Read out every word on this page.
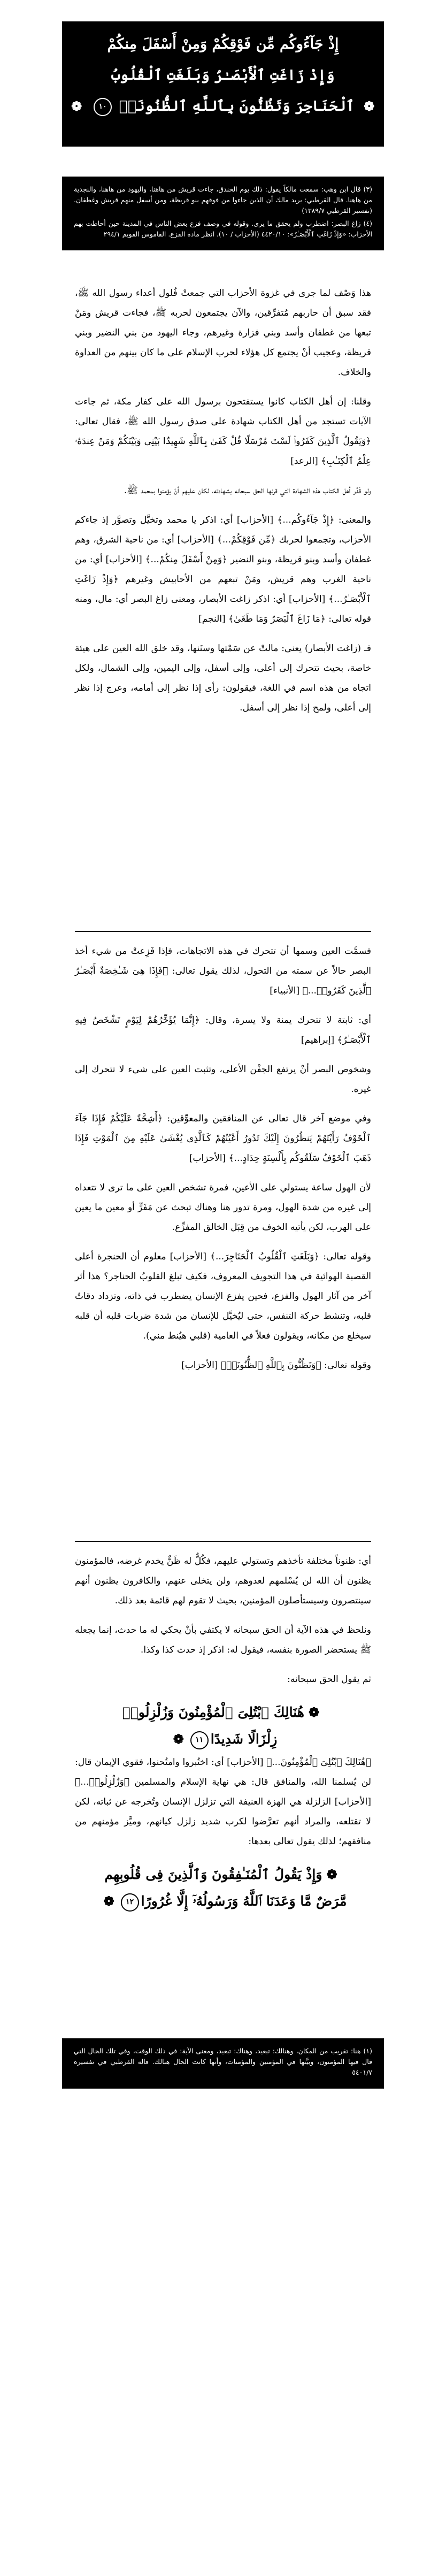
إِذْ جَآءُوكُم مِّن فَوْقِكُمْ وَمِنْ أَسْفَلَ مِنكُمْ
وَإِذْ زَاغَتِ ٱلْأَبْصَـٰرُ وَبَلَغَتِ ٱلْقُلُوبُ
❁ ٱلْحَنَاجِرَ وَتَظُنُّونَ بِٱللَّهِ ٱلظُّنُونَا۠ ١٠ ❁

(٣) قال ابن وهب: سمعت مالكاً يقول: ذلك يوم الخندق، جاءت قريش من هاهنا، واليهود من هاهنا، والنجدية من هاهنا. قال القرطبي: يريد مالك أن الذين جاءوا من فوقهم بنو قريظة، ومن أسفل منهم قريش وغطفان. (تفسير القرطبي ١٣٨٩/٧)

(٤) زاغ البصر: اضطرب ولم يحقق ما يرى. وقوله في وصف فزع بعض الناس في المدينة حين أحاطت بهم الأحزاب: «وَإِذْ زَاغَتِ ٱلْأَبْصَـٰرُ»: ٤٤٢٠/١٠ (الأحزاب / ١٠). انظر مادة الفزع. القاموس القويم ٢٩٤/١

هذا وَصْف لما جرى في غزوة الأحزاب التي جمعتْ فُلول أعداء رسول الله ﷺ، فقد سبق أن حاربهم مُتفرِّقين، والآن يجتمعون لحربه ﷺ، فجاءت قريش ومَنْ تبعها من غطفان وأسد وبني فزارة وغيرهم، وجاء اليهود من بني النضير وبني قريظة، وعجيب أنْ يجتمع كل هؤلاء لحرب الإسلام على ما كان بينهم من العداوة والخلاف.

وقلنا: إن أهل الكتاب كانوا يستفتحون برسول الله على كفار مكة، ثم جاءت الآيات تستجد من أهل الكتاب شهادة على صدق رسول الله ﷺ، فقال تعالى: ﴿وَيَقُولُ ٱلَّذِينَ كَفَرُوا۟ لَسْتَ مُرْسَلًا قُلْ كَفَىٰ بِٱللَّهِ شَهِيدًۢا بَيْنِى وَبَيْنَكُمْ وَمَنْ عِندَهُۥ عِلْمُ ٱلْكِتَـٰبِ﴾ [الرعد]

ولو قَدَّر أهل الكتاب هذه الشهادة التي قرنها الحق سبحانه بشهادته، لكان عليهم أنْ يؤمنوا بمحمد ﷺ.

والمعنى: ﴿إِذْ جَآءُوكُم...﴾ [الأحزاب] أي: اذكر يا محمد وتخيَّل وتصوَّر إذ جاءكم الأحزاب، وتجمعوا لحربك ﴿مِّن فَوْقِكُمْ...﴾ [الأحزاب] أي: من ناحية الشرق، وهم غطفان وأسد وبنو قريظة، وبنو النضير ﴿وَمِنْ أَسْفَلَ مِنكُمْ...﴾ [الأحزاب] أي: من ناحية الغرب وهم قريش، ومَنْ تبعهم من الأحابيش وغيرهم ﴿وَإِذْ زَاغَتِ ٱلْأَبْصَـٰرُ...﴾ [الأحزاب] أي: اذكر زاغت الأبصار، ومعنى زاغ البصر أي: مال، ومنه قوله تعالى: ﴿مَا زَاغَ ٱلْبَصَرُ وَمَا طَغَىٰ﴾ [النجم]

فـ (زاغت الأبصار) يعني: مالتْ عن سَمْتها وسنَنها، وقد خلق الله العين على هيئة خاصة، بحيث تتحرك إلى أعلى، وإلى أسفل، وإلى اليمين، وإلى الشمال، ولكل اتجاه من هذه اسم في اللغة، فيقولون: رأى إذا نظر إلى أمامه، وعرج إذا نظر إلى أعلى، ولمح إذا نظر إلى أسفل.

فسمَّت العين وسمها أن تتحرك في هذه الاتجاهات، فإذا فَزِعتْ من شيء أخذ البصر حالاً عن سمته من التحول، لذلك يقول تعالى: ﴿فَإِذَا هِىَ شَـٰخِصَةٌ أَبْصَـٰرُ ٱلَّذِينَ كَفَرُوا۟...﴾ [الأنبياء]

أي: ثابتة لا تتحرك يمنة ولا يسرة، وقال: ﴿إِنَّمَا يُؤَخِّرُهُمْ لِيَوْمٍ تَشْخَصُ فِيهِ ٱلْأَبْصَـٰرُ﴾ [إبراهيم]

وشخوص البصر أنْ يرتفع الجفْن الأعلى، وتثبت العين على شيء لا تتحرك إلى غيره.

وفي موضع آخر قال تعالى عن المنافقين والمعوِّقين: ﴿أَشِحَّةً عَلَيْكُمْ فَإِذَا جَآءَ ٱلْخَوْفُ رَأَيْتَهُمْ يَنظُرُونَ إِلَيْكَ تَدُورُ أَعْيُنُهُمْ كَٱلَّذِى يُغْشَىٰ عَلَيْهِ مِنَ ٱلْمَوْتِ فَإِذَا ذَهَبَ ٱلْخَوْفُ سَلَقُوكُم بِأَلْسِنَةٍ حِدَادٍ...﴾ [الأحزاب]

لأن الهول ساعة يستولي على الأعين، فمرة تشخص العين على ما ترى لا تتعداه إلى غيره من شدة الهول، ومرة تدور هنا وهناك تبحث عن مَفَرٍّ أو معين ما يعين على الهرب، لكن يأتيه الخوف من قِبَل الخالق المفزِّع.

وقوله تعالى: ﴿وَبَلَغَتِ ٱلْقُلُوبُ ٱلْحَنَاجِرَ...﴾ [الأحزاب] معلوم أن الحنجرة أعلى القصبة الهوائية في هذا التجويف المعروف، فكيف تبلغ القلوبُ الحناجر؟ هذا أثر آخر من آثار الهول والفزع، فحين يفزع الإنسان يضطرب في ذاته، وتزداد دقاتُ قلبه، وتنشط حركة التنفس، حتى ليُخيَّل للإنسان من شدة ضربات قلبه أن قلبه سيخلع من مكانه، ويقولون فعلاً في العامية (قلبي هيُنط مني).

وقوله تعالى: ﴿وَتَظُنُّونَ بِٱللَّهِ ٱلظُّنُونَا۠﴾ [الأحزاب]

أي: ظنوناً مختلفة تأخذهم وتستولي عليهم، فكُلٌّ له ظَنٌّ يخدم غرضه، فالمؤمنون يظنون أن الله لن يُسْلمهم لعدوهم، ولن يتخلى عنهم، والكافرون يظنون أنهم سينتصرون وسيستأصلون المؤمنين، بحيث لا تقوم لهم قائمة بعد ذلك.

ونلحظ في هذه الآية أن الحق سبحانه لا يكتفي بأنْ يحكي له ما حدث، إنما يجعله ﷺ يستحضر الصورة بنفسه، فيقول له: اذكر إذ حدث كذا وكذا.

ثم يقول الحق سبحانه:

❁هُنَالِكَ ٱبْتُلِىَ ٱلْمُؤْمِنُونَ وَزُلْزِلُوا۟
زِلْزَالًا شَدِيدًا١١❁

﴿هُنَالِكَ ٱبْتُلِىَ ٱلْمُؤْمِنُونَ...﴾ [الأحزاب] أي: اختُبروا وامتُحنوا، فقوي الإيمان قال: لن يُسلمنا الله، والمنافق قال: هي نهاية الإسلام والمسلمين ﴿وَزُلْزِلُوا۟...﴾ [الأحزاب] الزلزلة هي الهزة العنيفة التي تزلزل الإنسان وتُخرجه عن ثباته، لكن لا تقتلعه، والمراد أنهم تعرَّضوا لكرب شديد زلزل كيانهم، وميَّز مؤمنهم من منافقهم؛ لذلك يقول تعالى بعدها:

❁وَإِذْ يَقُولُ ٱلْمُنَـٰفِقُونَ وَٱلَّذِينَ فِى قُلُوبِهِم
مَّرَضٌ مَّا وَعَدَنَا ٱللَّهُ وَرَسُولُهُۥٓ إِلَّا غُرُورًا١٢❁

(١) هنا: تقريب من المكان، وهنالك: تبعيد، وهناك: تبعيد، ومعنى الآية: في ذلك الوقت، وفي تلك الحال التي قال فيها المؤمنون، وبيَّنها في المؤمنين والمؤمنات، وأنها كانت الحال هنالك. قاله القرطبي في تفسيره ٥٤٠١/٧
